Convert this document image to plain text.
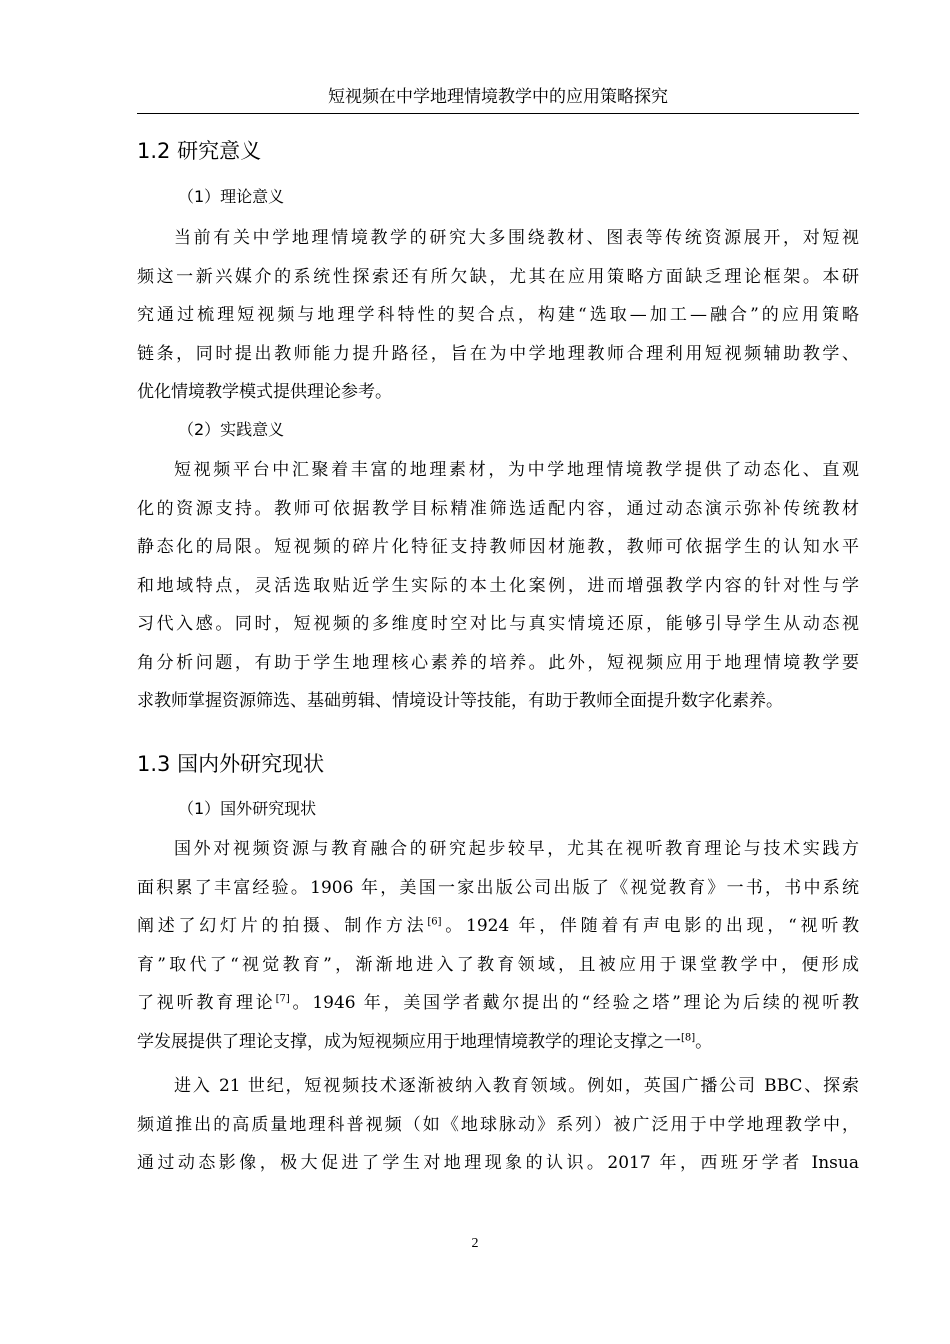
短视频在中学地理情境教学中的应用策略探究
1.2 研究意义
（1）理论意义
当前有关中学地理情境教学的研究大多围绕教材、图表等传统资源展开，对短视
频这一新兴媒介的系统性探索还有所欠缺，尤其在应用策略方面缺乏理论框架。本研
究通过梳理短视频与地理学科特性的契合点，构建“选取—加工—融合”的应用策略
链条，同时提出教师能力提升路径，旨在为中学地理教师合理利用短视频辅助教学、
优化情境教学模式提供理论参考。
（2）实践意义
短视频平台中汇聚着丰富的地理素材，为中学地理情境教学提供了动态化、直观
化的资源支持。教师可依据教学目标精准筛选适配内容，通过动态演示弥补传统教材
静态化的局限。短视频的碎片化特征支持教师因材施教，教师可依据学生的认知水平
和地域特点，灵活选取贴近学生实际的本土化案例，进而增强教学内容的针对性与学
习代入感。同时，短视频的多维度时空对比与真实情境还原，能够引导学生从动态视
角分析问题，有助于学生地理核心素养的培养。此外，短视频应用于地理情境教学要
求教师掌握资源筛选、基础剪辑、情境设计等技能，有助于教师全面提升数字化素养。
1.3 国内外研究现状
（1）国外研究现状
国外对视频资源与教育融合的研究起步较早，尤其在视听教育理论与技术实践方
面积累了丰富经验。1906 年，美国一家出版公司出版了《视觉教育》一书，书中系统
阐述了幻灯片的拍摄、制作方法[6]。1924 年，伴随着有声电影的出现，“视听教
育”取代了“视觉教育”，渐渐地进入了教育领域，且被应用于课堂教学中，便形成
了视听教育理论[7]。1946 年，美国学者戴尔提出的“经验之塔”理论为后续的视听教
学发展提供了理论支撑，成为短视频应用于地理情境教学的理论支撑之一[8]。
进入 21 世纪，短视频技术逐渐被纳入教育领域。例如，英国广播公司 BBC、探索
频道推出的高质量地理科普视频（如《地球脉动》系列）被广泛用于中学地理教学中，
通过动态影像，极大促进了学生对地理现象的认识。2017 年，西班牙学者 Insua
2
